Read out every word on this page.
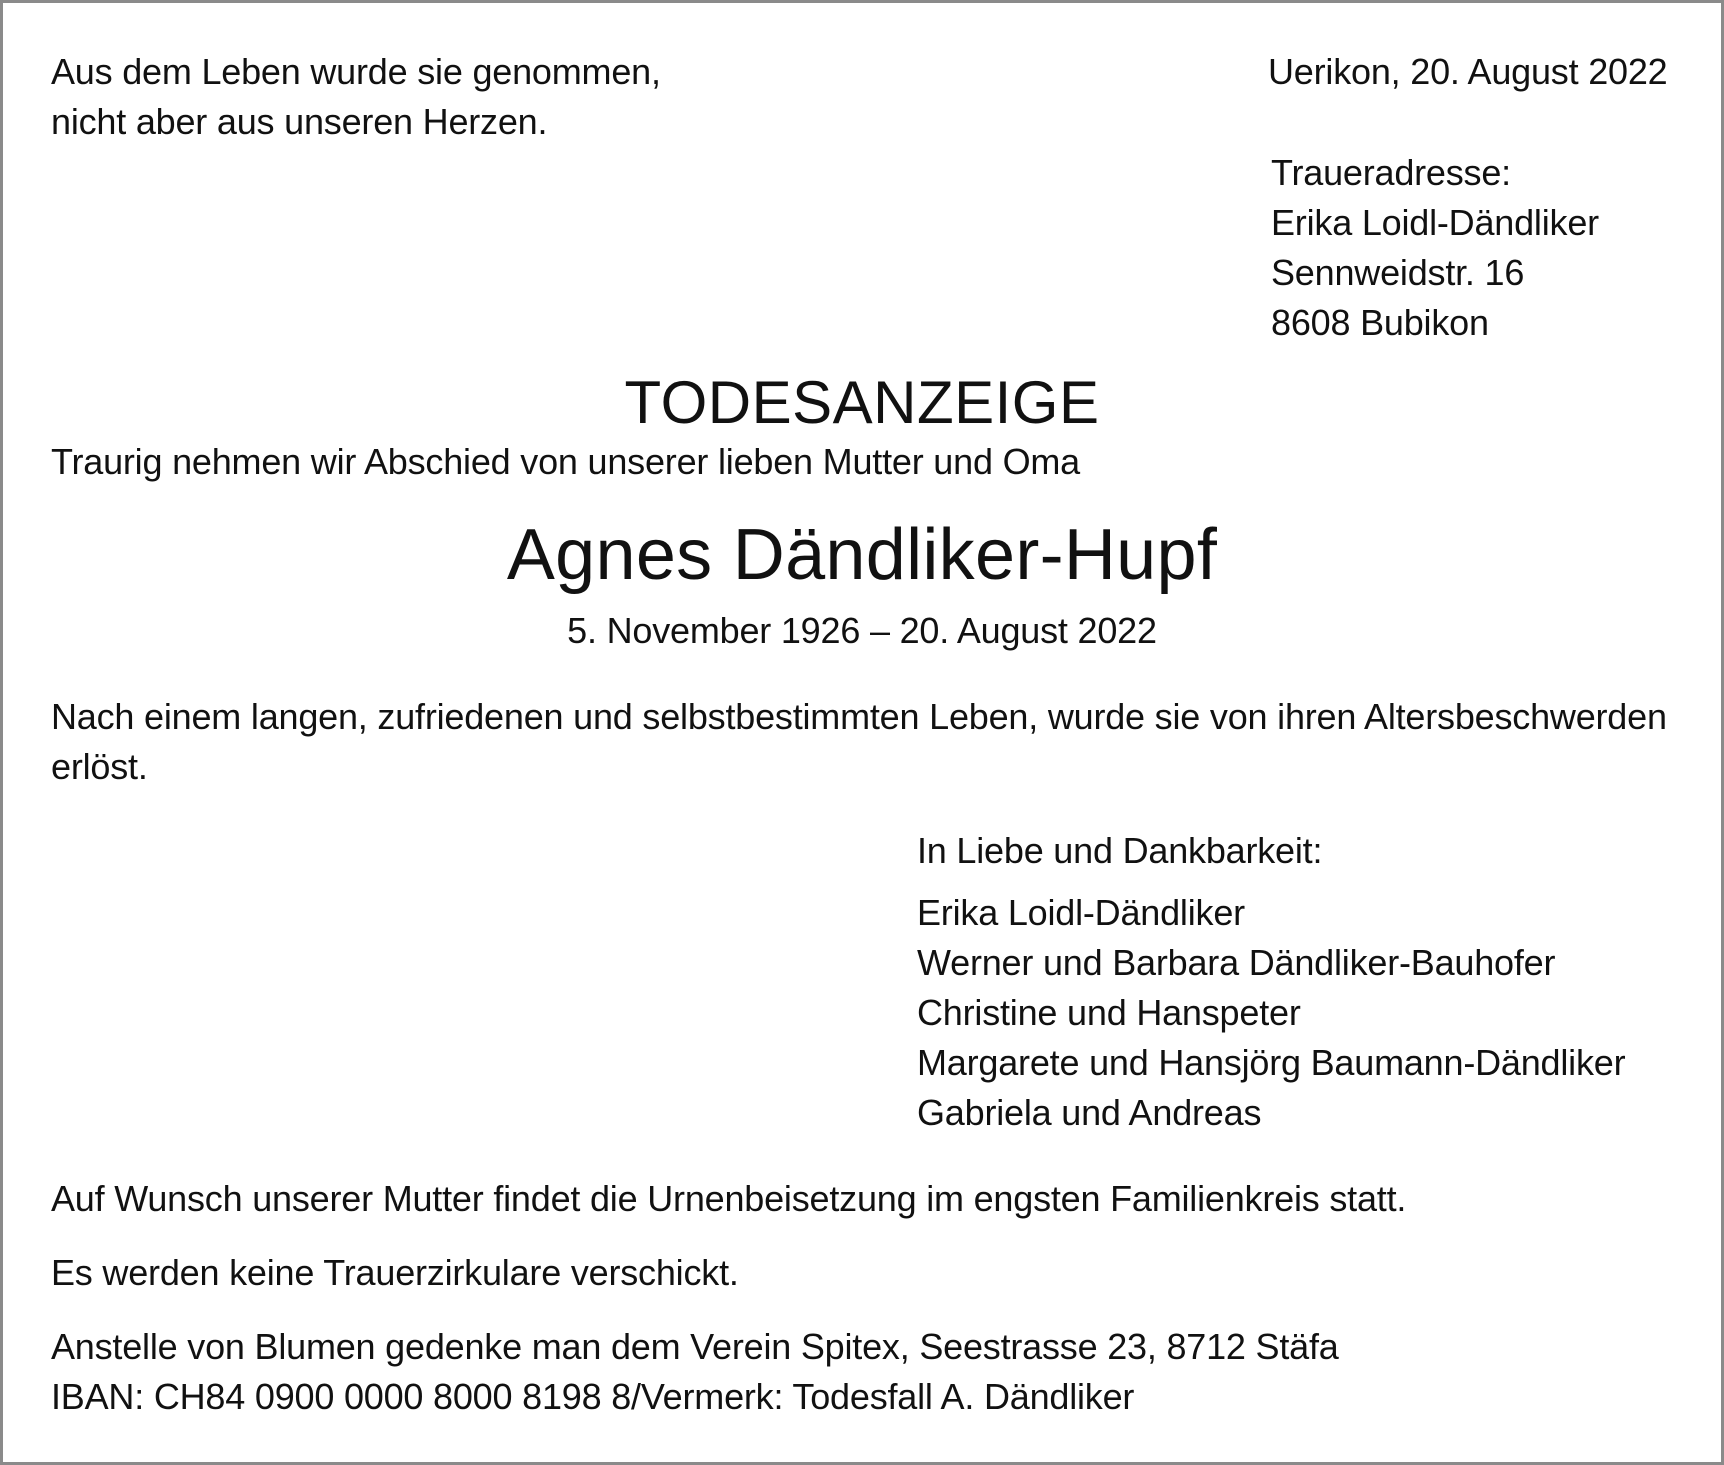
Aus dem Leben wurde sie genommen,
nicht aber aus unseren Herzen.
Uerikon, 20. August 2022
Traueradresse:
Erika Loidl-Dändliker
Sennweidstr. 16
8608 Bubikon
TODESANZEIGE
Traurig nehmen wir Abschied von unserer lieben Mutter und Oma
Agnes Dändliker-Hupf
5. November 1926 – 20. August 2022
Nach einem langen, zufriedenen und selbstbestimmten Leben, wurde sie von ihren Altersbeschwerden
erlöst.
In Liebe und Dankbarkeit:
Erika Loidl-Dändliker
Werner und Barbara Dändliker-Bauhofer
Christine und Hanspeter
Margarete und Hansjörg Baumann-Dändliker
Gabriela und Andreas
Auf Wunsch unserer Mutter findet die Urnenbeisetzung im engsten Familienkreis statt.
Es werden keine Trauerzirkulare verschickt.
Anstelle von Blumen gedenke man dem Verein Spitex, Seestrasse 23, 8712 Stäfa
IBAN: CH84 0900 0000 8000 8198 8/Vermerk: Todesfall A. Dändliker
